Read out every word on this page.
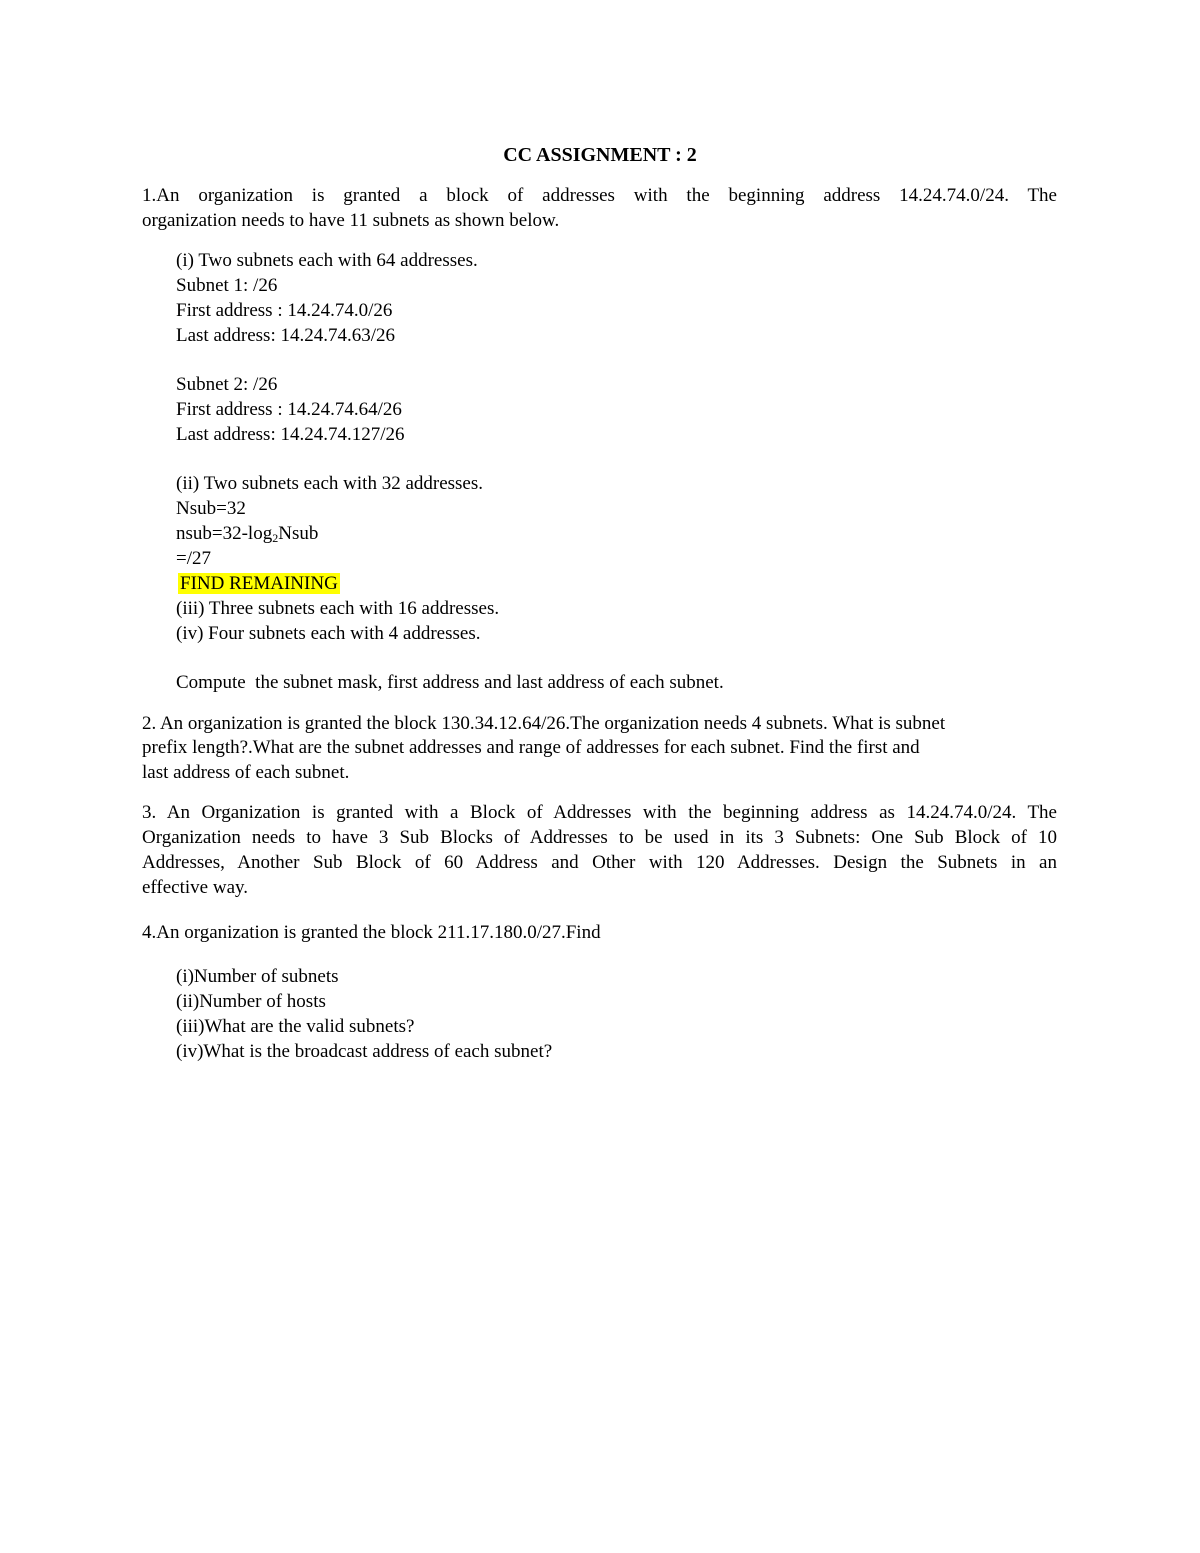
CC ASSIGNMENT : 2
1.An organization is granted a block of addresses with the beginning address 14.24.74.0/24. The
organization needs to have 11 subnets as shown below.
(i) Two subnets each with 64 addresses.
Subnet 1: /26
First address : 14.24.74.0/26
Last address: 14.24.74.63/26
Subnet 2: /26
First address : 14.24.74.64/26
Last address: 14.24.74.127/26
(ii) Two subnets each with 32 addresses.
Nsub=32
$nsub=32-\log_2Nsub$
=/27
FIND REMAINING
(iii) Three subnets each with 16 addresses.
(iv) Four subnets each with 4 addresses.
Compute  the subnet mask, first address and last address of each subnet.
2. An organization is granted the block 130.34.12.64/26.The organization needs 4 subnets. What is subnet
prefix length?.What are the subnet addresses and range of addresses for each subnet. Find the first and
last address of each subnet.
3. An Organization is granted with a Block of Addresses with the beginning address as 14.24.74.0/24. The
Organization needs to have 3 Sub Blocks of Addresses to be used in its 3 Subnets: One Sub Block of 10
Addresses, Another Sub Block of 60 Address and Other with 120 Addresses. Design the Subnets in an
effective way.
4.An organization is granted the block 211.17.180.0/27.Find
(i)Number of subnets
(ii)Number of hosts
(iii)What are the valid subnets?
(iv)What is the broadcast address of each subnet?
